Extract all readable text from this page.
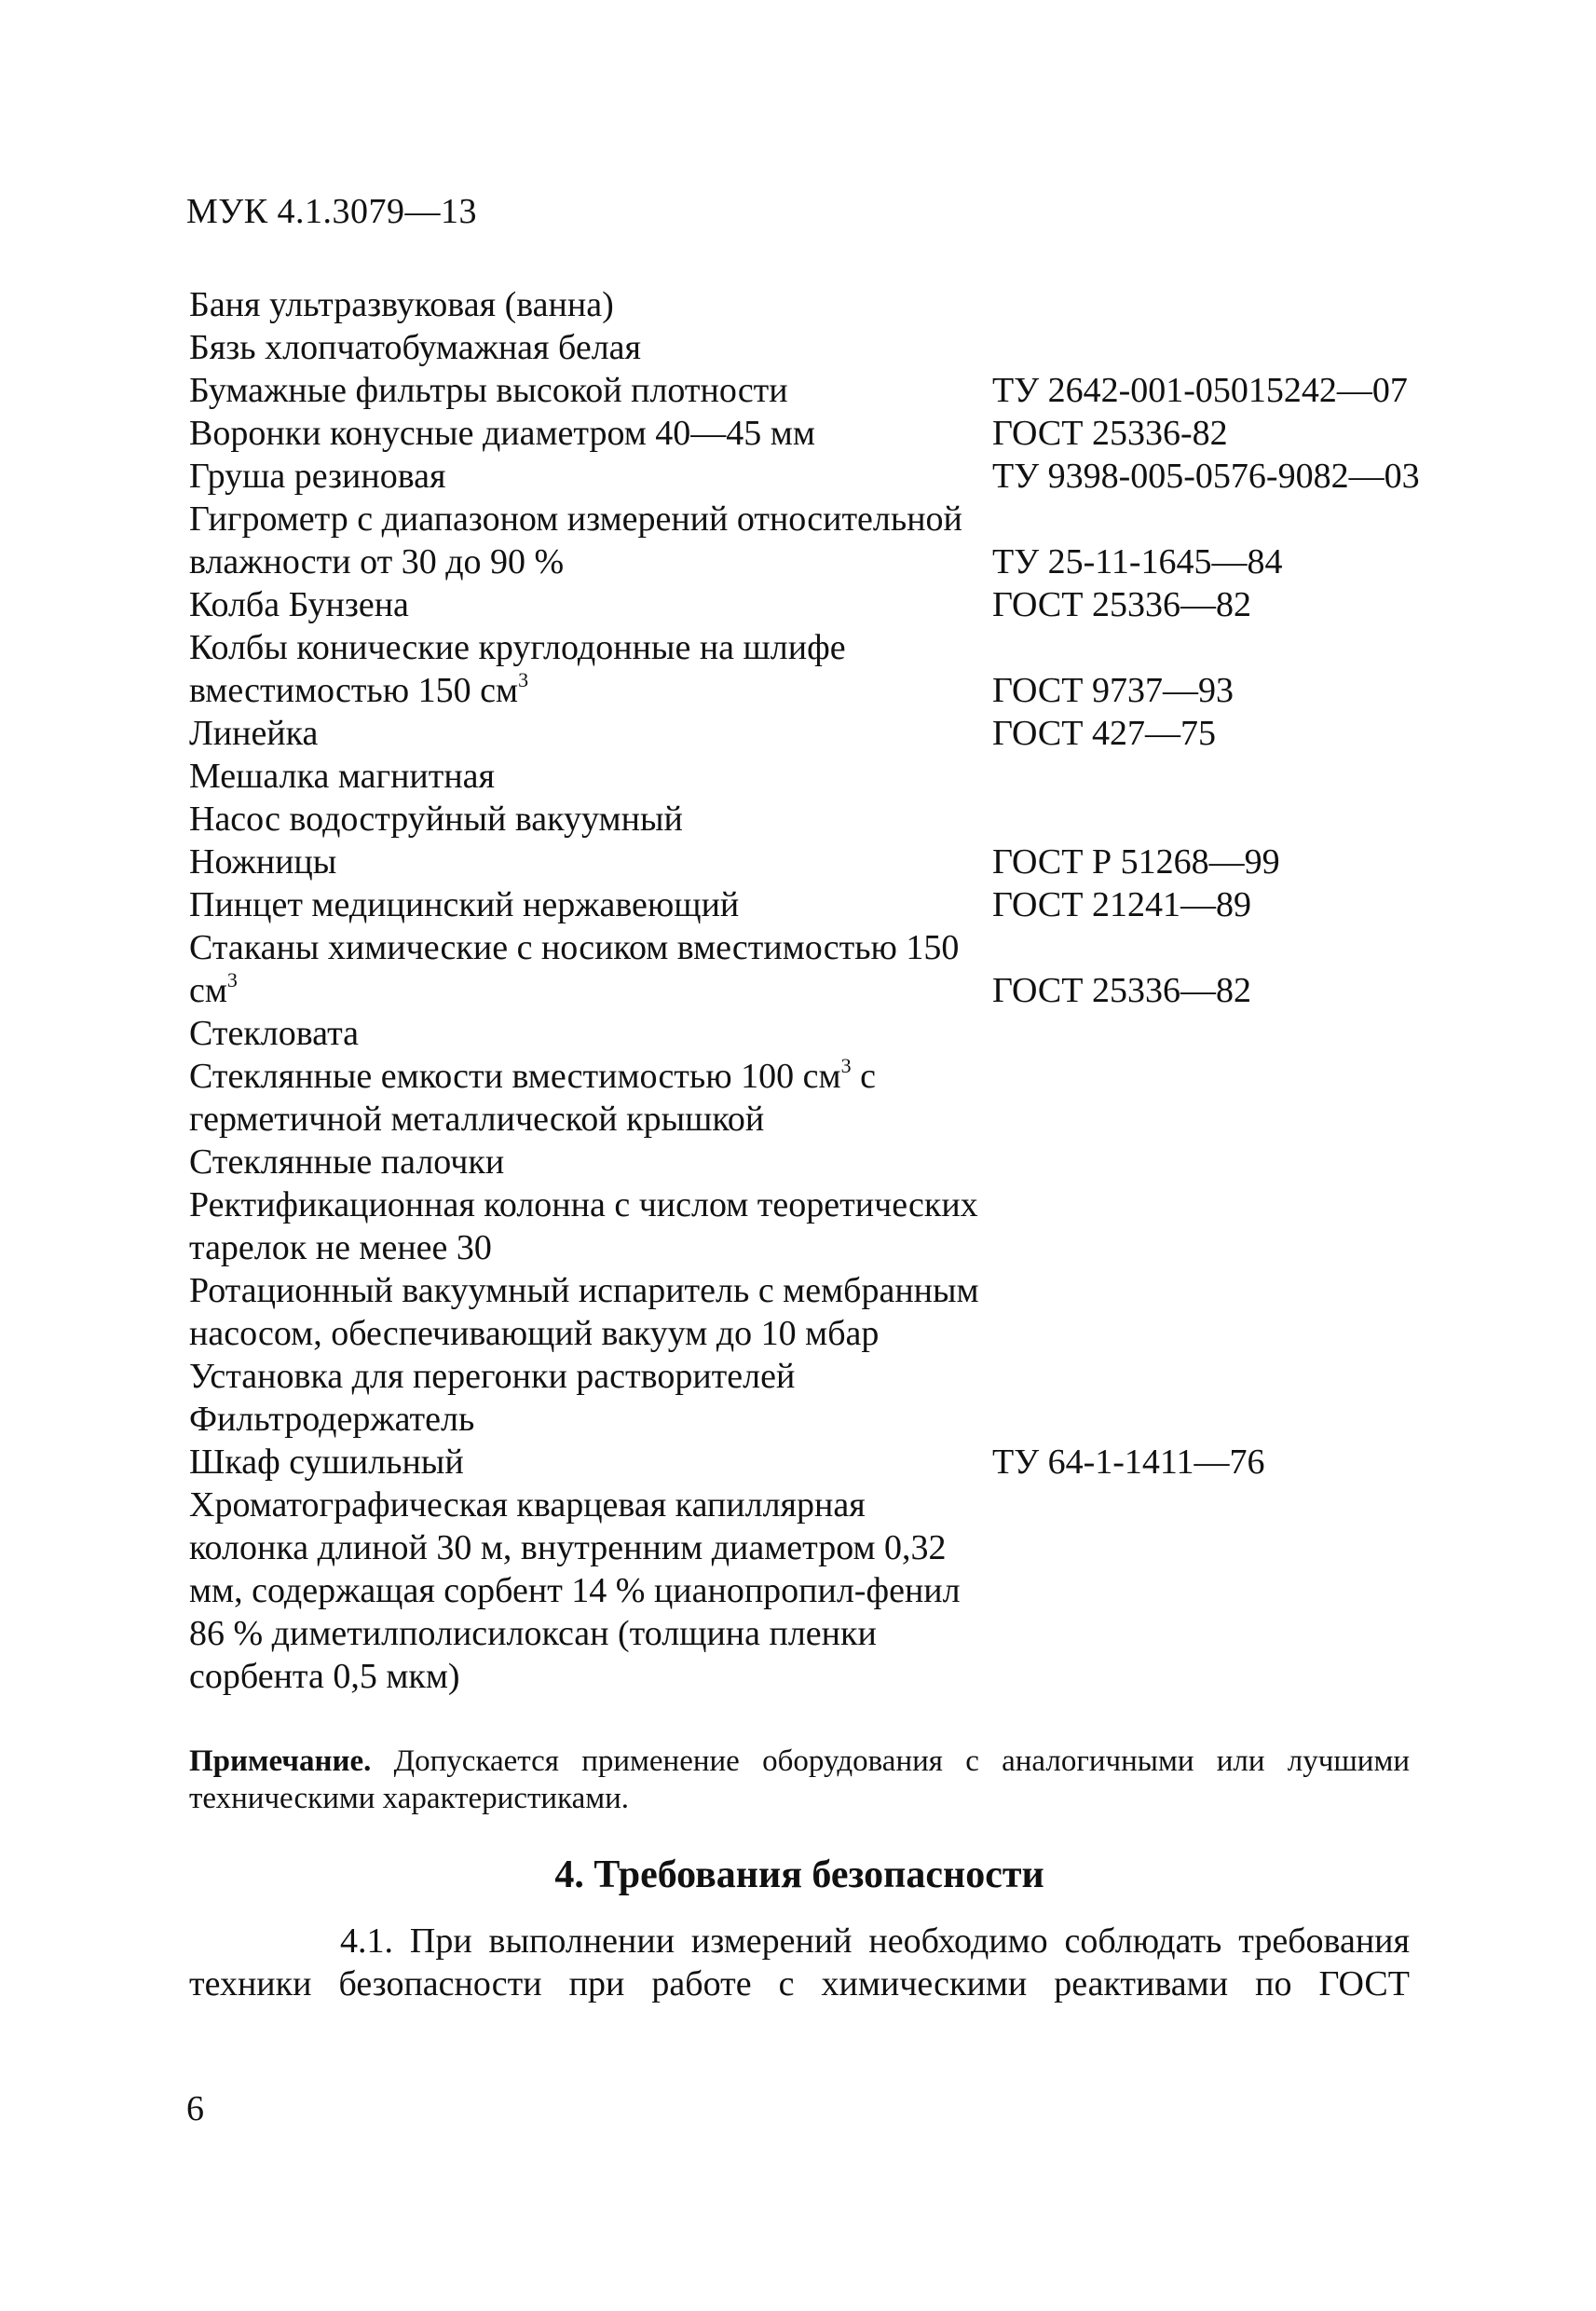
МУК 4.1.3079—13
Баня ультразвуковая (ванна)
Бязь хлопчатобумажная белая
Бумажные фильтры высокой плотности	ТУ 2642-001-05015242—07
Воронки конусные диаметром 40—45 мм	ГОСТ 25336-82
Груша резиновая	ТУ 9398-005-0576-9082—03
Гигрометр с диапазоном измерений относительной влажности от 30 до 90 %	ТУ 25-11-1645—84
Колба Бунзена	ГОСТ 25336—82
Колбы конические круглодонные на шлифе вместимостью 150 $см^3$	ГОСТ 9737—93
Линейка	ГОСТ 427—75
Мешалка магнитная
Насос водоструйный вакуумный
Ножницы	ГОСТ Р 51268—99
Пинцет медицинский нержавеющий	ГОСТ 21241—89
Стаканы химические с носиком вместимостью 150 $см^3$	ГОСТ 25336—82
Стекловата
Стеклянные емкости вместимостью 100 $см^3$ с герметичной металлической крышкой
Стеклянные палочки
Ректификационная колонна с числом теоретических тарелок не менее 30
Ротационный вакуумный испаритель с мембранным насосом, обеспечивающий вакуум до 10 мбар
Установка для перегонки растворителей
Фильтродержатель
Шкаф сушильный	ТУ 64-1-1411—76
Хроматографическая кварцевая капиллярная колонка длиной 30 м, внутренним диаметром 0,32 мм, содержащая сорбент 14 % цианопропил-фенил 86 % диметилполисилоксан (толщина пленки сорбента 0,5 мкм)
Примечание. Допускается применение оборудования с аналогичными или лучшими техническими характеристиками.
4. Требования безопасности
4.1. При выполнении измерений необходимо соблюдать требования техники безопасности при работе с химическими реактивами по ГОСТ
6
